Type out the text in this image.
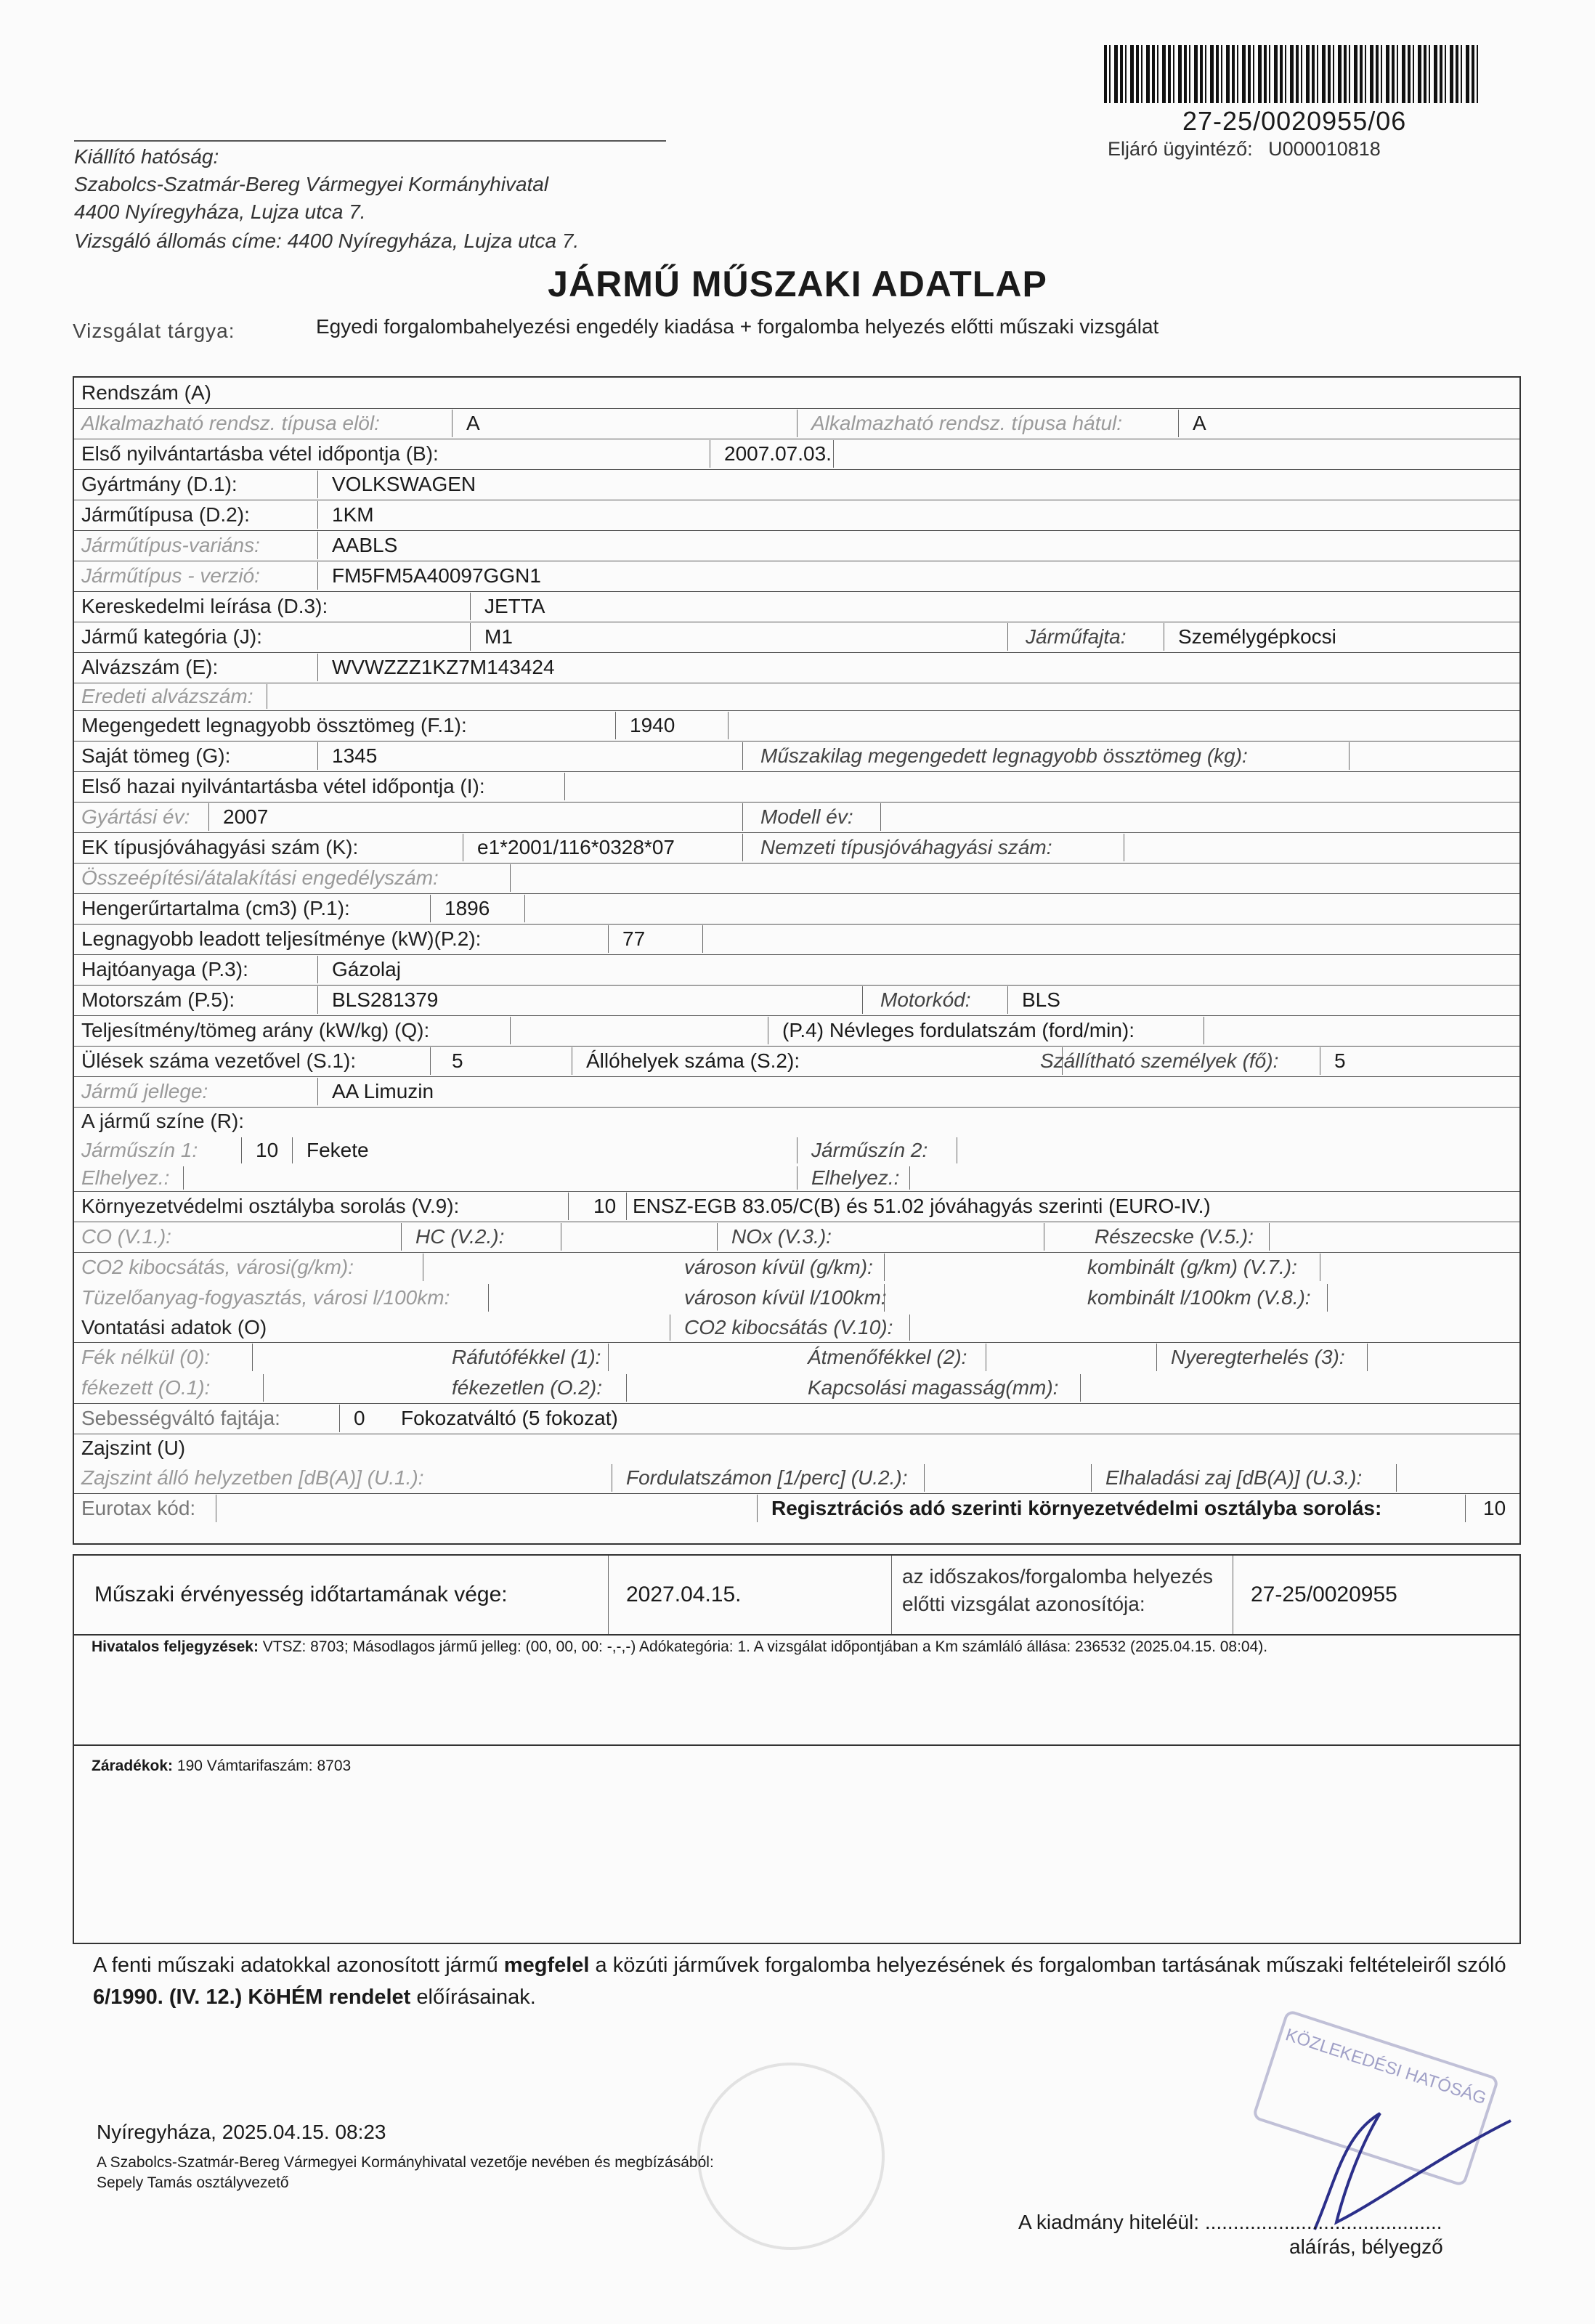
27-25/0020955/06
Eljáró ügyintéző: U000010818
Kiállító hatóság:
Szabolcs-Szatmár-Bereg Vármegyei Kormányhivatal
4400 Nyíregyháza, Lujza utca 7.
Vizsgáló állomás címe: 4400 Nyíregyháza, Lujza utca 7.
JÁRMŰ MŰSZAKI ADATLAP
Vizsgálat tárgya:	Egyedi forgalombahelyezési engedély kiadása + forgalomba helyezés előtti műszaki vizsgálat
Rendszám (A)
Alkalmazható rendsz. típusa elöl:	A	Alkalmazható rendsz. típusa hátul:	A
Első nyilvántartásba vétel időpontja (B):	2007.07.03.
Gyártmány (D.1):	VOLKSWAGEN
Járműtípusa (D.2):	1KM
Járműtípus-variáns:	AABLS
Járműtípus - verzió:	FM5FM5A40097GGN1
Kereskedelmi leírása (D.3):	JETTA
Jármű kategória (J):	M1	Járműfajta:	Személygépkocsi
Alvázszám (E):	WVWZZZ1KZ7M143424
Eredeti alvázszám:
Megengedett legnagyobb össztömeg (F.1):	1940
Saját tömeg (G):	1345	Műszakilag megengedett legnagyobb össztömeg (kg):
Első hazai nyilvántartásba vétel időpontja (I):
Gyártási év:	2007	Modell év:
EK típusjóváhagyási szám (K):	e1*2001/116*0328*07	Nemzeti típusjóváhagyási szám:
Összeépítési/átalakítási engedélyszám:
Hengerűrtartalma (cm3) (P.1):	1896
Legnagyobb leadott teljesítménye (kW)(P.2):	77
Hajtóanyaga (P.3):	Gázolaj
Motorszám (P.5):	BLS281379	Motorkód:	BLS
Teljesítmény/tömeg arány (kW/kg) (Q):	(P.4) Névleges fordulatszám (ford/min):
Ülések száma vezetővel (S.1):	5	Állóhelyek száma (S.2):	Szállítható személyek (fő):	5
Jármű jellege:	AA Limuzin
A jármű színe (R):
Járműszín 1:	10	Fekete	Járműszín 2:
Elhelyez.:	Elhelyez.:
Környezetvédelmi osztályba sorolás (V.9):	10 ENSZ-EGB 83.05/C(B) és 51.02 jóváhagyás szerinti (EURO-IV.)
CO (V.1.):	HC (V.2.):	NOx (V.3.):	Részecske (V.5.):
CO2 kibocsátás, városi(g/km):	városon kívül (g/km):	kombinált (g/km) (V.7.):
Tüzelőanyag-fogyasztás, városi l/100km:	városon kívül l/100km:	kombinált l/100km (V.8.):
Vontatási adatok (O)	CO2 kibocsátás (V.10):
Fék nélkül (0):	Ráfutófékkel (1):	Átmenőfékkel (2):	Nyeregterhelés (3):
fékezett (O.1):	fékezetlen (O.2):	Kapcsolási magasság(mm):
Sebességváltó fajtája:	0	Fokozatváltó (5 fokozat)
Zajszint (U)
Zajszint álló helyzetben [dB(A)] (U.1.):	Fordulatszámon [1/perc] (U.2.):	Elhaladási zaj [dB(A)] (U.3.):
Eurotax kód:	Regisztrációs adó szerinti környezetvédelmi osztályba sorolás:	10
Műszaki érvényesség időtartamának vége:	2027.04.15.
az időszakos/forgalomba helyezés
előtti vizsgálat azonosítója:	27-25/0020955
Hivatalos feljegyzések: VTSZ: 8703; Másodlagos jármű jelleg: (00, 00, 00: -,-,-) Adókategória: 1. A vizsgálat időpontjában a Km számláló állása: 236532 (2025.04.15. 08:04).
Záradékok: 190 Vámtarifaszám: 8703
A fenti műszaki adatokkal azonosított jármű megfelel a közúti járművek forgalomba helyezésének és forgalomban tartásának műszaki feltételeiről szóló 6/1990. (IV. 12.) KöHÉM rendelet előírásainak.
KÖZLEKEDÉSI HATÓSÁG
Nyíregyháza, 2025.04.15. 08:23
A Szabolcs-Szatmár-Bereg Vármegyei Kormányhivatal vezetője nevében és megbízásából:
Sepely Tamás osztályvezető
A kiadmány hiteléül: ..........................................
aláírás, bélyegző
